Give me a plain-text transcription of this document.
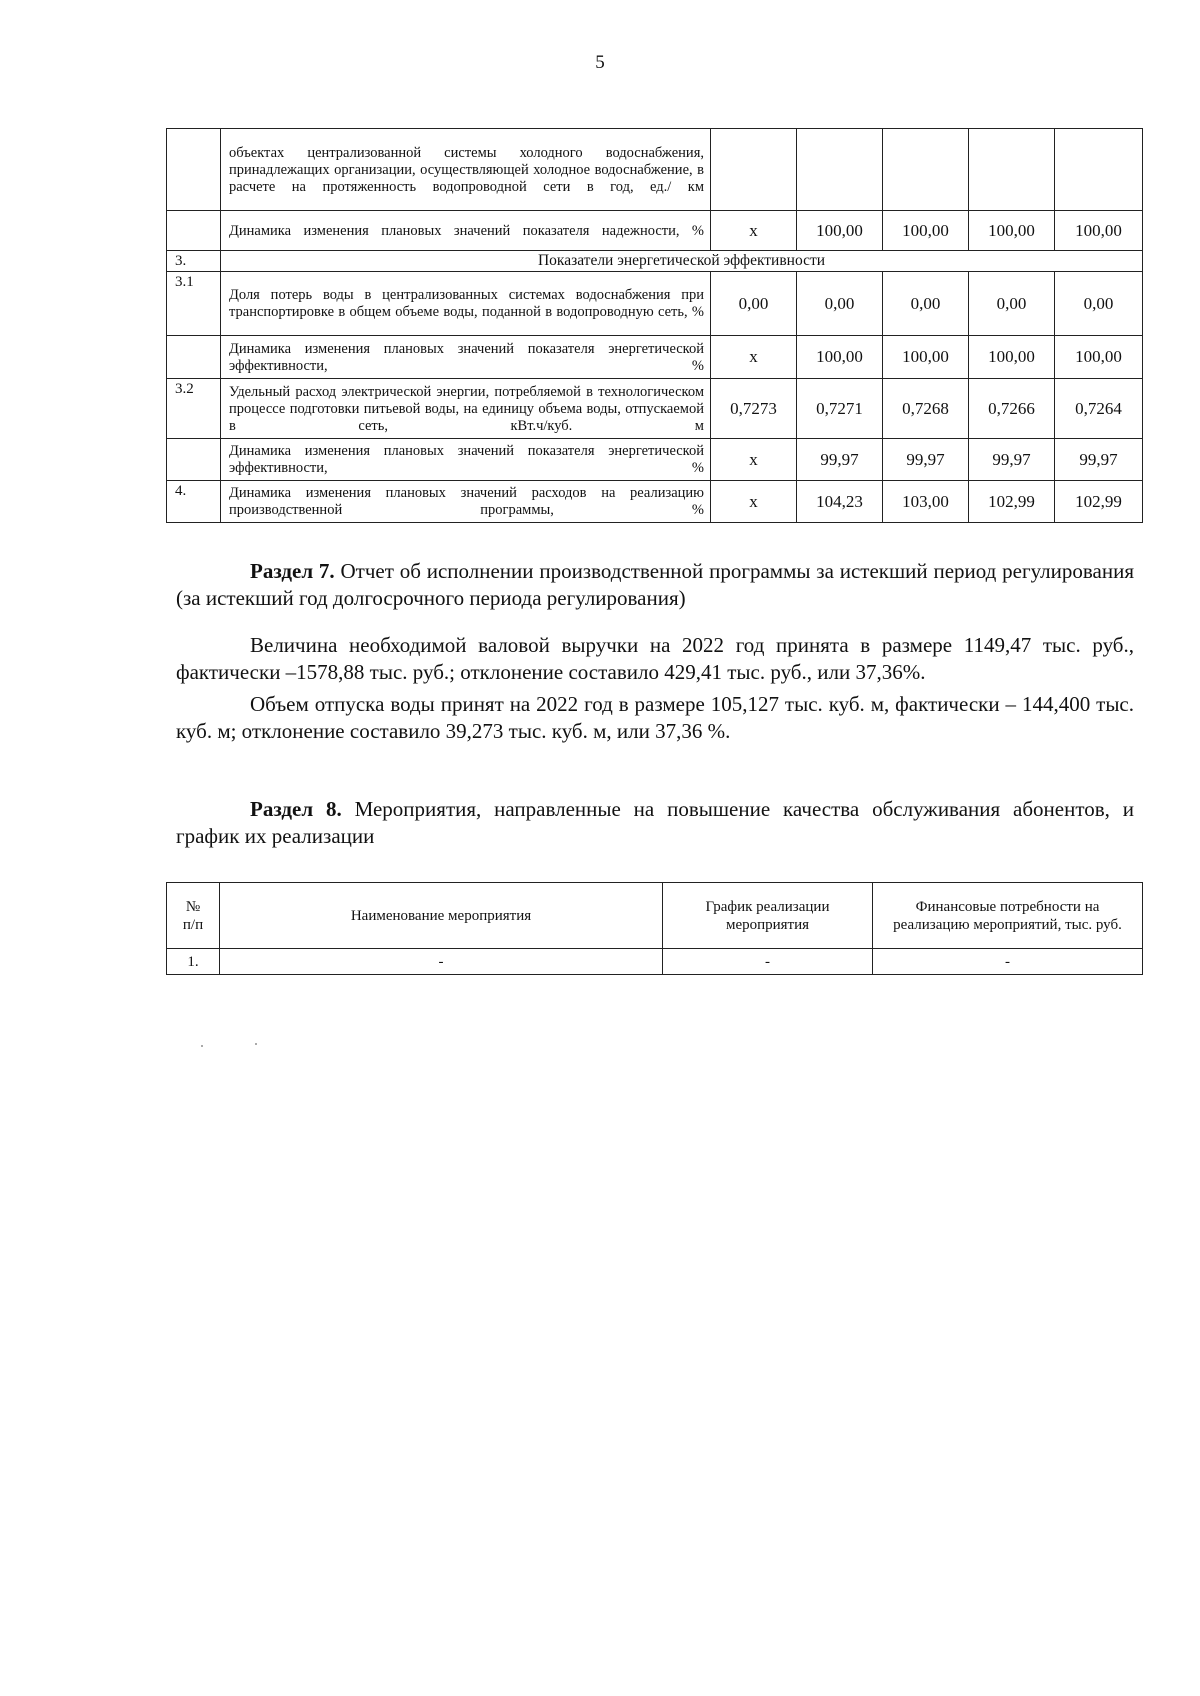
5
	объектах централизованной системы холодного водоснабжения, принадлежащих организации, осуществляющей холодное водоснабжение, в расчете на протяженность водопроводной сети в год, ед./ км					
	Динамика изменения плановых значений показателя надежности, %	х	100,00	100,00	100,00	100,00
3.	Показатели энергетической эффективности					
3.1	Доля потерь воды в централизованных системах водоснабжения при транспортировке в общем объеме воды, поданной в водопроводную сеть, %	0,00	0,00	0,00	0,00	0,00
	Динамика изменения плановых значений показателя энергетической эффективности, %	х	100,00	100,00	100,00	100,00
3.2	Удельный расход электрической энергии, потребляемой в технологическом процессе подготовки питьевой воды, на единицу объема воды, отпускаемой в сеть, кВт.ч/куб. м	0,7273	0,7271	0,7268	0,7266	0,7264
	Динамика изменения плановых значений показателя энергетической эффективности, %	х	99,97	99,97	99,97	99,97
4.	Динамика изменения плановых значений расходов на реализацию производственной программы, %	х	104,23	103,00	102,99	102,99

Раздел 7. Отчет об исполнении производственной программы за истекший период регулирования (за истекший год долгосрочного периода регулирования)

Величина необходимой валовой выручки на 2022 год принята в размере 1149,47 тыс. руб., фактически –1578,88 тыс. руб.; отклонение составило 429,41 тыс. руб., или 37,36%.

Объем отпуска воды принят на 2022 год в размере 105,127 тыс. куб. м, фактически – 144,400 тыс. куб. м; отклонение составило 39,273 тыс. куб. м, или 37,36 %.

Раздел 8. Мероприятия, направленные на повышение качества обслуживания абонентов, и график их реализации

№ п/п	Наименование мероприятия	График реализации мероприятия	Финансовые потребности на реализацию мероприятий, тыс. руб.
1.	-	-	-
